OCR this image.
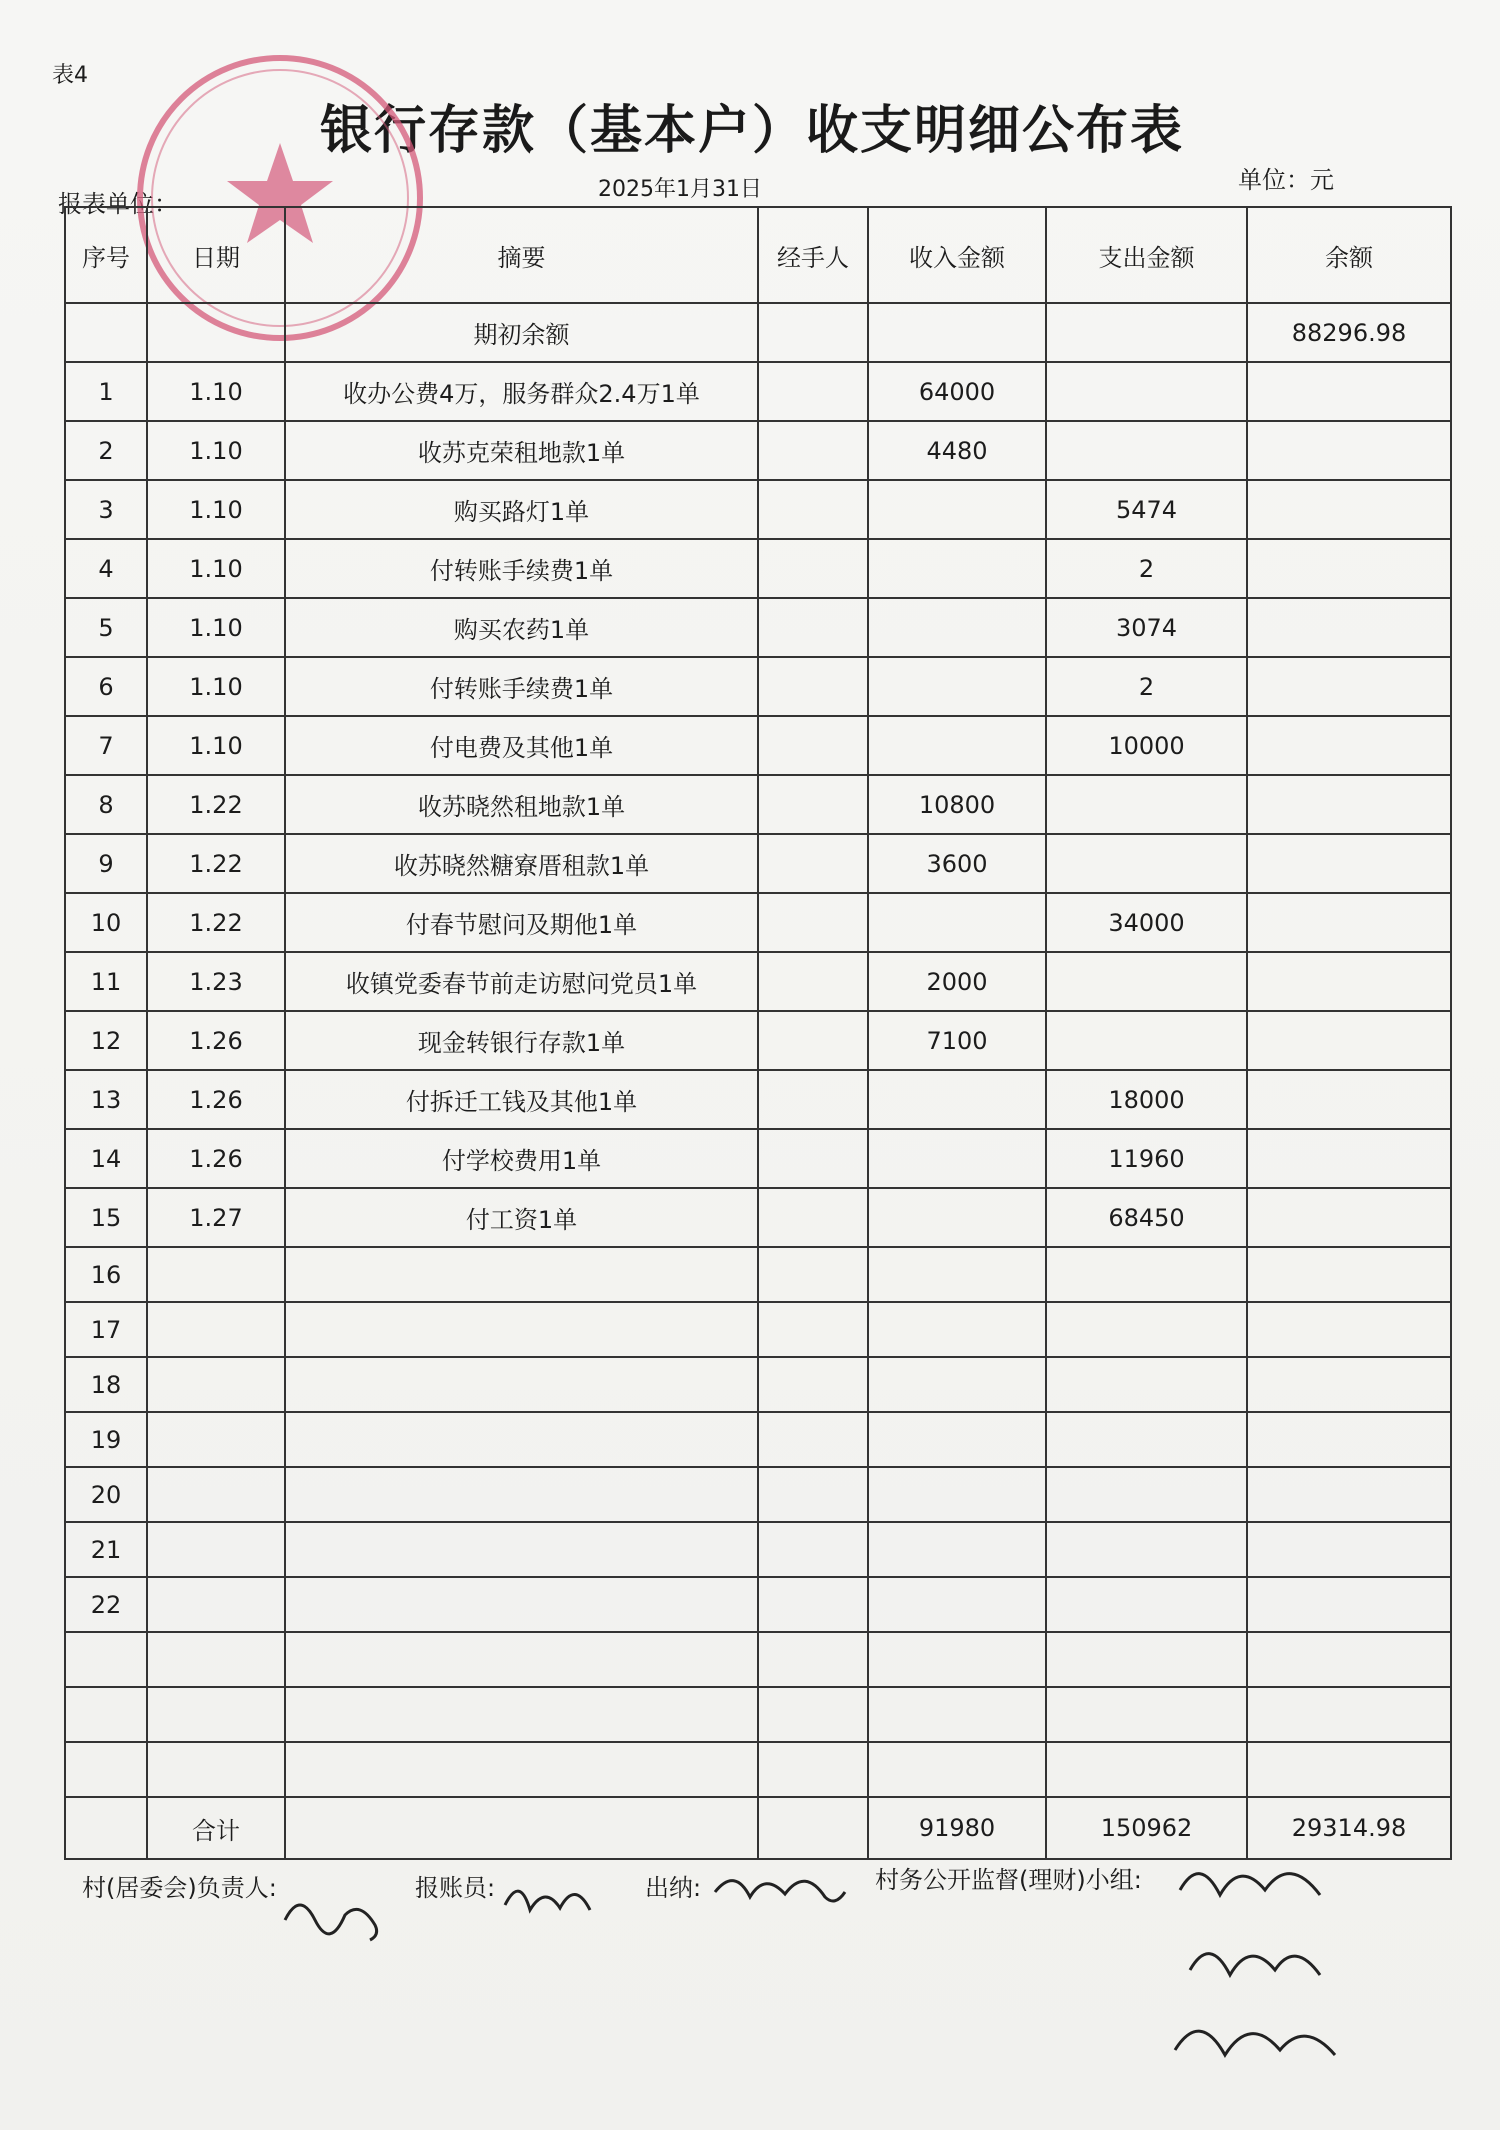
表4
银行存款（基本户）收支明细公布表
报表单位：
2025年1月31日	单位：元
序号	日期	摘要	经手人	收入金额	支出金额	余额
		期初余额				88296.98
1	1.10	收办公费4万，服务群众2.4万1单		64000		
2	1.10	收苏克荣租地款1单		4480		
3	1.10	购买路灯1单			5474	
4	1.10	付转账手续费1单			2	
5	1.10	购买农药1单			3074	
6	1.10	付转账手续费1单			2	
7	1.10	付电费及其他1单			10000	
8	1.22	收苏晓然租地款1单		10800		
9	1.22	收苏晓然糖寮厝租款1单		3600		
10	1.22	付春节慰问及期他1单			34000	
11	1.23	收镇党委春节前走访慰问党员1单		2000		
12	1.26	现金转银行存款1单		7100		
13	1.26	付拆迁工钱及其他1单			18000	
14	1.26	付学校费用1单			11960	
15	1.27	付工资1单			68450	
16						
17						
18						
19						
20						
21						
22						

	合计			91980	150962	29314.98
村(居委会)负责人:	报账员:	出纳:	村务公开监督(理财)小组:
